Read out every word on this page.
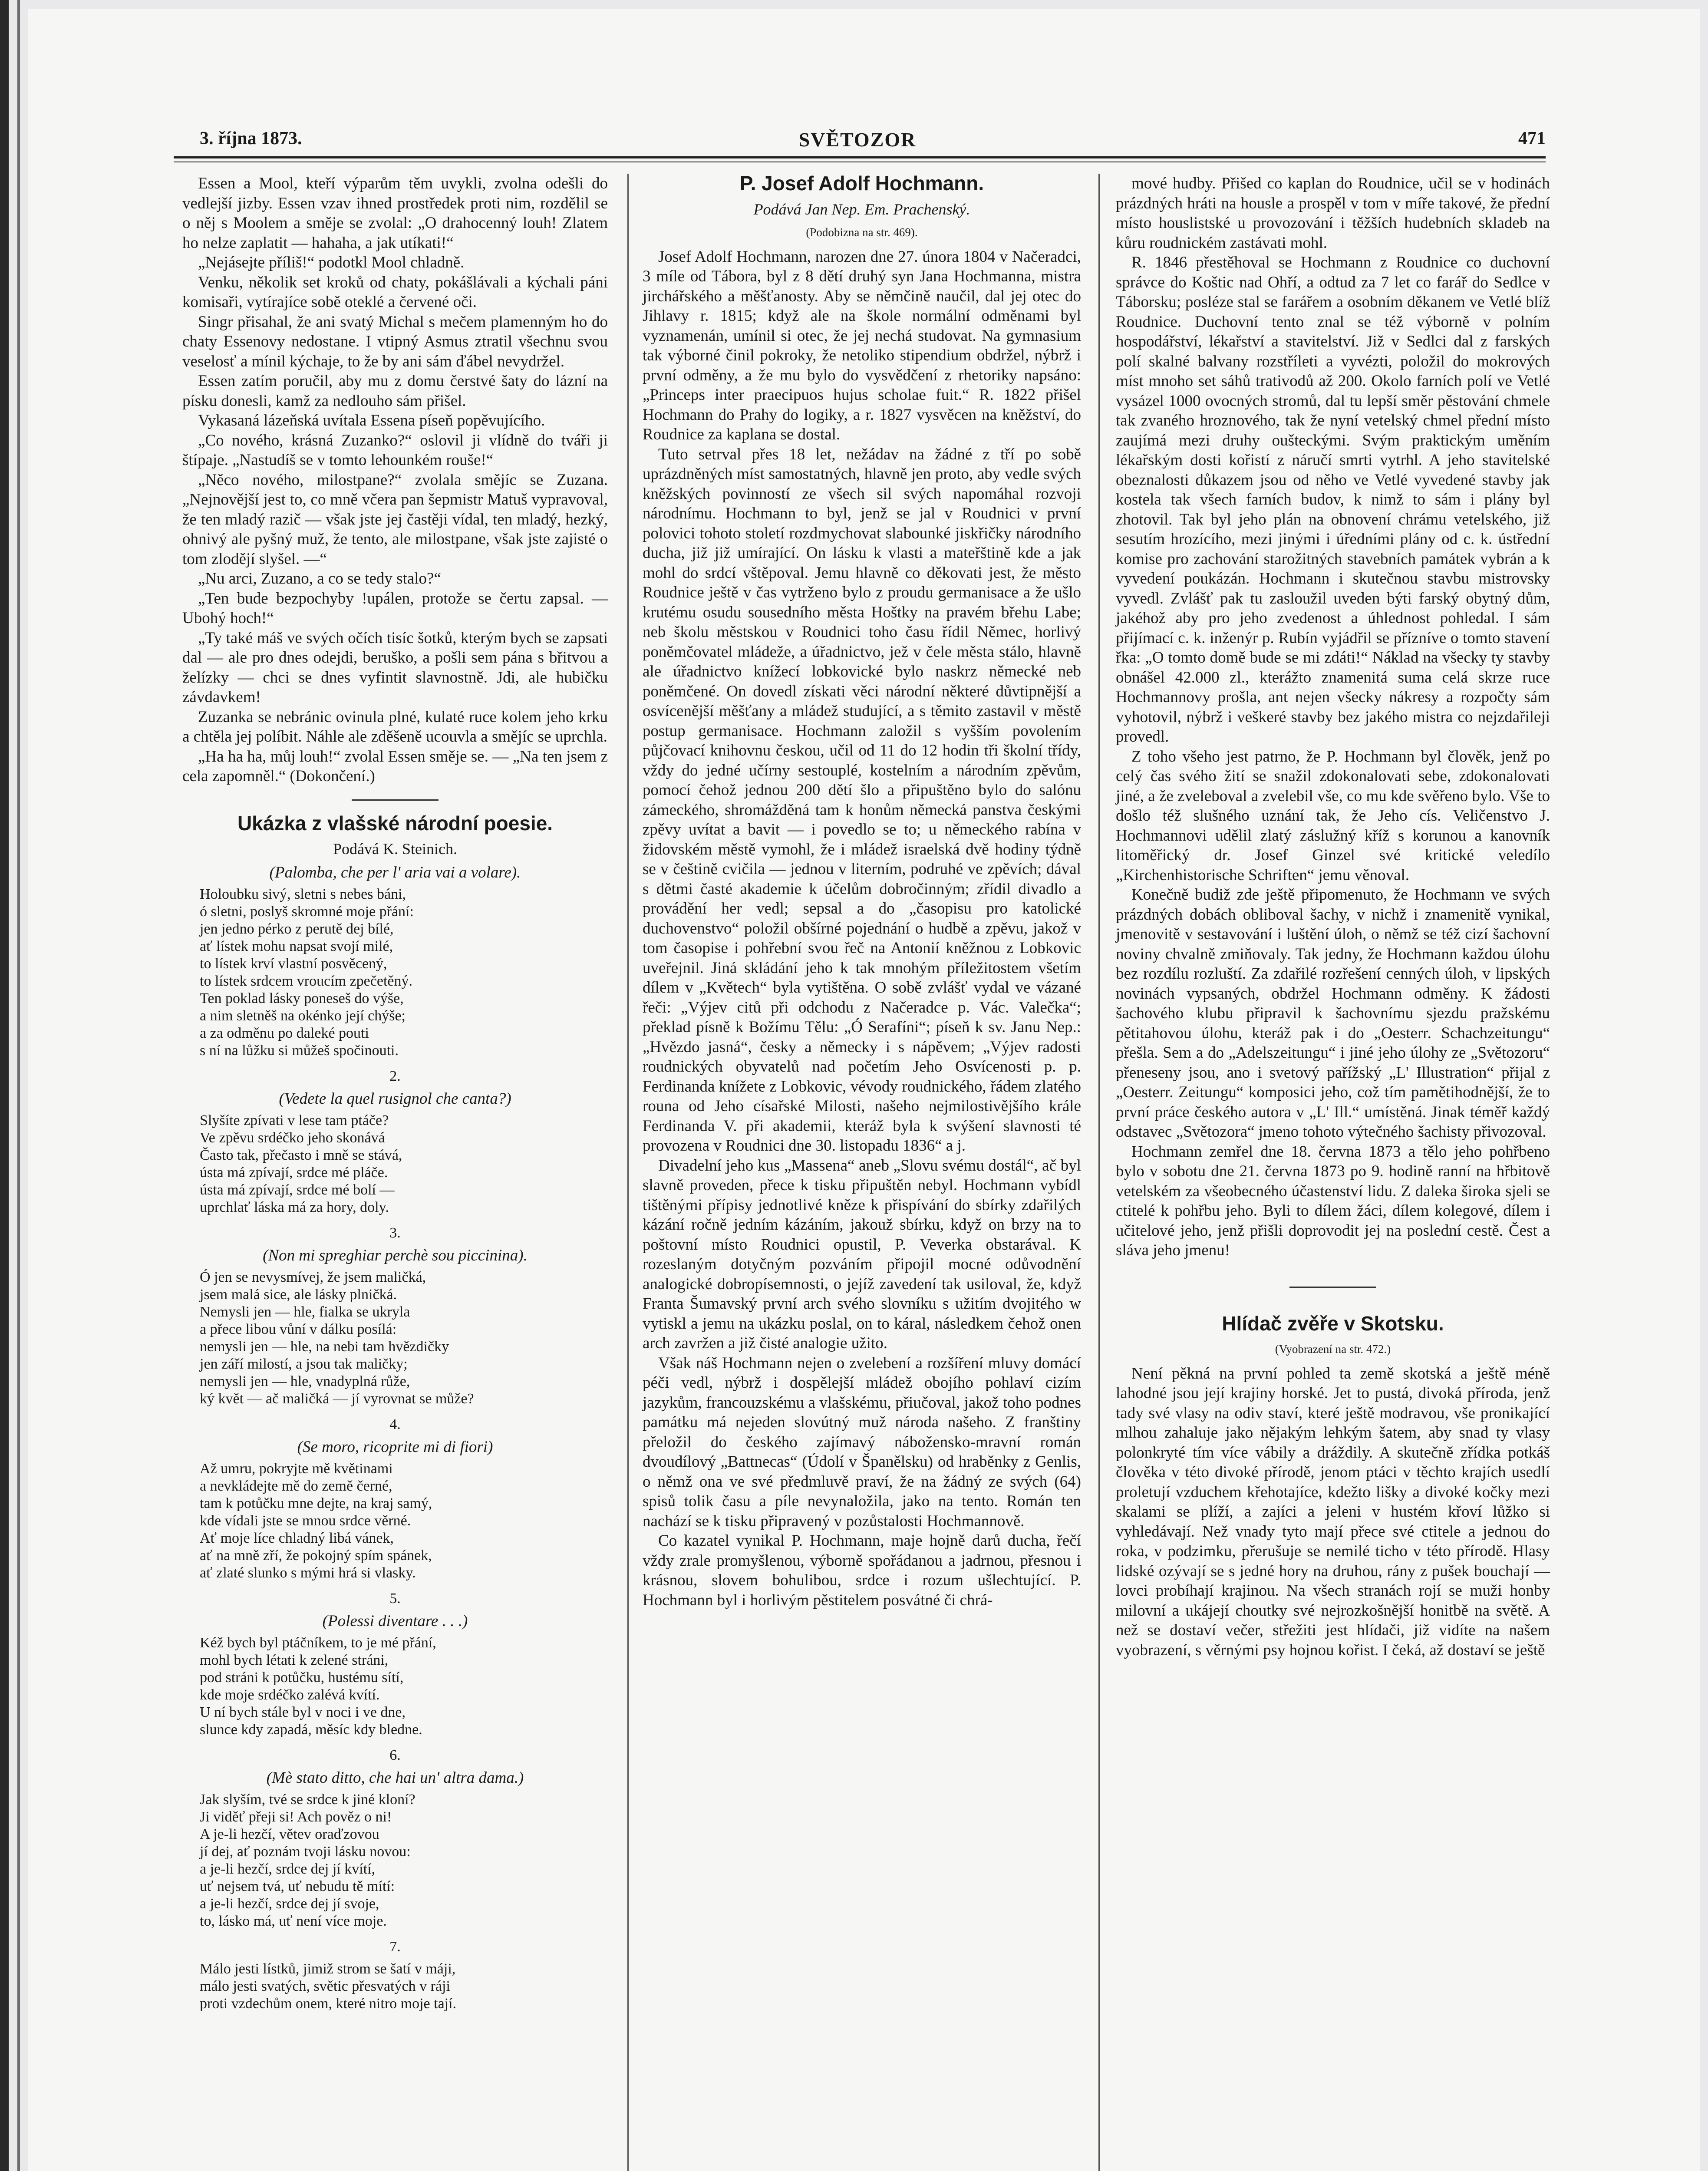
3. října 1873.	SVĚTOZOR	471

Essen a Mool, kteří výparům těm uvykli, zvolna odešli do vedlejší jizby. Essen vzav ihned prostředek proti nim, rozdělil se o něj s Moolem a směje se zvolal: „O drahocenný louh! Zlatem ho nelze zaplatit — hahaha, a jak utíkati!“

„Nejásejte příliš!“ podotkl Mool chladně.

Venku, několik set kroků od chaty, pokášlávali a kýchali páni komisaři, vytírajíce sobě oteklé a červené oči.

Singr přisahal, že ani svatý Michal s mečem plamenným ho do chaty Essenovy nedostane. I vtipný Asmus ztratil všechnu svou veselosť a mínil kýchaje, to že by ani sám ďábel nevydržel.

Essen zatím poručil, aby mu z domu čerstvé šaty do lázní na písku donesli, kamž za nedlouho sám přišel.

Vykasaná lázeňská uvítala Essena píseň popěvujícího.

„Co nového, krásná Zuzanko?“ oslovil ji vlídně do tváři ji štípaje. „Nastudíš se v tomto lehounkém rouše!“

„Něco nového, milostpane?“ zvolala smějíc se Zuzana. „Nejnovější jest to, co mně včera pan šepmistr Matuš vypravoval, že ten mladý razič — však jste jej častěji vídal, ten mladý, hezký, ohnivý ale pyšný muž, že tento, ale milostpane, však jste zajisté o tom zlodějí slyšel. —“

„Nu arci, Zuzano, a co se tedy stalo?“

„Ten bude bezpochyby !upálen, protože se čertu zapsal. — Ubohý hoch!“

„Ty také máš ve svých očích tisíc šotků, kterým bych se zapsati dal — ale pro dnes odejdi, beruško, a pošli sem pána s břitvou a želízky — chci se dnes vyfintit slavnostně. Jdi, ale hubičku závdavkem!

Zuzanka se nebránic ovinula plné, kulaté ruce kolem jeho krku a chtěla jej políbit. Náhle ale zděšeně ucouvla a smějíc se uprchla.

„Ha ha ha, můj louh!“ zvolal Essen směje se. — „Na ten jsem z cela zapomněl.“ (Dokončení.)

Ukázka z vlašské národní poesie.
Podává K. Steinich.
(Palomba, che per l' aria vai a volare).
Holoubku sivý, sletni s nebes báni,
ó sletni, poslyš skromné moje přání:
jen jedno pérko z perutě dej bílé,
ať lístek mohu napsat svojí milé,
to lístek krví vlastní posvěcený,
to lístek srdcem vroucím zpečetěný.
Ten poklad lásky poneseš do výše,
a nim sletněš na okénko její chýše;
a za odměnu po daleké pouti
s ní na lůžku si můžeš spočinouti.
2.
(Vedete la quel rusignol che canta?)
Slyšíte zpívati v lese tam ptáče?
Ve zpěvu srdéčko jeho skonává
Často tak, přečasto i mně se stává,
ústa má zpívají, srdce mé pláče.
ústa má zpívají, srdce mé bolí —
uprchlať láska má za hory, doly.
3.
(Non mi spreghiar perchè sou piccinina).
Ó jen se nevysmívej, že jsem maličká,
jsem malá sice, ale lásky plničká.
Nemysli jen — hle, fialka se ukryla
a přece libou vůní v dálku posílá:
nemysli jen — hle, na nebi tam hvězdičky
jen září milostí, a jsou tak maličky;
nemysli jen — hle, vnadyplná růže,
ký květ — ač maličká — jí vyrovnat se může?
4.
(Se moro, ricoprite mi di fiori)
Až umru, pokryjte mě květinami
a nevkládejte mě do země černé,
tam k potůčku mne dejte, na kraj samý,
kde vídali jste se mnou srdce věrné.
Ať moje líce chladný libá vánek,
ať na mně zří, že pokojný spím spánek,
ať zlaté slunko s mými hrá si vlasky.
5.
(Polessi diventare . . .)
Kéž bych byl ptáčníkem, to je mé přání,
mohl bych létati k zelené stráni,
pod stráni k potůčku, hustému sítí,
kde moje srdéčko zalévá kvítí.
U ní bych stále byl v noci i ve dne,
slunce kdy zapadá, měsíc kdy bledne.
6.
(Mè stato ditto, che hai un' altra dama.)
Jak slyším, tvé se srdce k jiné kloní?
Ji viděť přeji si! Ach pověz o ni!
A je-li hezčí, větev oraďzovou
jí dej, ať poznám tvoji lásku novou:
a je-li hezčí, srdce dej jí kvítí,
uť nejsem tvá, uť nebudu tě mítí:
a je-li hezčí, srdce dej jí svoje,
to, lásko má, uť není více moje.
7.
Málo jesti lístků, jimiž strom se šatí v máji,
málo jesti svatých, světic přesvatých v ráji
proti vzdechům onem, které nitro moje tají.
P. Josef Adolf Hochmann.
Podává Jan Nep. Em. Prachenský.
(Podobizna na str. 469).

Josef Adolf Hochmann, narozen dne 27. února 1804 v Načeradci, 3 míle od Tábora, byl z 8 dětí druhý syn Jana Hochmanna, mistra jirchářského a měšťanosty. Aby se němčině naučil, dal jej otec do Jihlavy r. 1815; když ale na škole normální odměnami byl vyznamenán, umínil si otec, že jej nechá studovat. Na gymnasium tak výborné činil pokroky, že netoliko stipendium obdržel, nýbrž i první odměny, a že mu bylo do vysvědčení z rhetoriky napsáno: „Princeps inter praecipuos hujus scholae fuit.“ R. 1822 přišel Hochmann do Prahy do logiky, a r. 1827 vysvěcen na kněžství, do Roudnice za kaplana se dostal.

Tuto setrval přes 18 let, nežádav na žádné z tří po sobě uprázdněných míst samostatných, hlavně jen proto, aby vedle svých kněžských povinností ze všech sil svých napomáhal rozvoji národnímu. Hochmann to byl, jenž se jal v Roudnici v první polovici tohoto století rozdmychovat slabounké jiskřičky národního ducha, již již umírající. On lásku k vlasti a mateřštině kde a jak mohl do srdcí vštěpoval. Jemu hlavně co děkovati jest, že město Roudnice ještě v čas vytrženo bylo z proudu germanisace a že ušlo krutému osudu sousedního města Hoštky na pravém břehu Labe; neb školu městskou v Roudnici toho času řídil Němec, horlivý poněmčovatel mládeže, a úřadnictvo, jež v čele města stálo, hlavně ale úřadnictvo knížecí lobkovické bylo naskrz německé neb poněmčené. On dovedl získati věci národní některé důvtipnější a osvícenější měšťany a mládež studující, a s těmito zastavil v městě postup germanisace. Hochmann založil s vyšším povolením půjčovací knihovnu českou, učil od 11 do 12 hodin tři školní třídy, vždy do jedné učírny sestouplé, kostelním a národním zpěvům, pomocí čehož jednou 200 dětí šlo a připuštěno bylo do salónu zámeckého, shromážděná tam k honům německá panstva českými zpěvy uvítat a bavit — i povedlo se to; u německého rabína v židovském městě vymohl, že i mládež israelská dvě hodiny týdně se v češtině cvičila — jednou v literním, podruhé ve zpěvích; dával s dětmi časté akademie k účelům dobročinným; zřídil divadlo a provádění her vedl; sepsal a do „časopisu pro katolické duchovenstvo“ položil obšírné pojednání o hudbě a zpěvu, jakož v tom časopise i pohřební svou řeč na Antonií kněžnou z Lobkovic uveřejnil. Jiná skládání jeho k tak mnohým příležitostem všetím dílem v „Květech“ byla vytištěna. O sobě zvlášť vydal ve vázané řeči: „Výjev citů při odchodu z Načeradce p. Vác. Valečka“; překlad písně k Božímu Tělu: „Ó Serafíni“; píseň k sv. Janu Nep.: „Hvězdo jasná“, česky a německy i s nápěvem; „Výjev radosti roudnických obyvatelů nad početím Jeho Osvícenosti p. p. Ferdinanda knížete z Lobkovic, vévody roudnického, řádem zlatého rouna od Jeho císařské Milosti, našeho nejmilostivějšího krále Ferdinanda V. při akademii, kteráž byla k svýšení slavnosti té provozena v Roudnici dne 30. listopadu 1836“ a j.

Divadelní jeho kus „Massena“ aneb „Slovu svému dostál“, ač byl slavně proveden, přece k tisku připuštěn nebyl. Hochmann vybídl tištěnými přípisy jednotlivé kněze k přispívání do sbírky zdařilých kázání ročně jedním kázáním, jakouž sbírku, když on brzy na to poštovní místo Roudnici opustil, P. Veverka obstarával. K rozeslaným dotyčným pozváním připojil mocné odůvodnění analogické dobropísemnosti, o jejíž zavedení tak usiloval, že, když Franta Šumavský první arch svého slovníku s užitím dvojitého w vytiskl a jemu na ukázku poslal, on to káral, následkem čehož onen arch zavržen a již čisté analogie užito.

Však náš Hochmann nejen o zvelebení a rozšíření mluvy domácí péči vedl, nýbrž i dospělejší mládež obojího pohlaví cizím jazykům, francouzskému a vlašskému, přiučoval, jakož toho podnes památku má nejeden slovútný muž národa našeho. Z franštiny přeložil do českého zajímavý nábožensko-mravní román dvoudílový „Battnecas“ (Údolí v Španělsku) od hraběnky z Genlis, o němž ona ve své předmluvě praví, že na žádný ze svých (64) spisů tolik času a píle nevynaložila, jako na tento. Román ten nachází se k tisku připravený v pozůstalosti Hochmannově.

Co kazatel vynikal P. Hochmann, maje hojně darů ducha, řečí vždy zrale promyšlenou, výborně spořádanou a jadrnou, přesnou i krásnou, slovem bohulibou, srdce i rozum ušlechtující. P. Hochmann byl i horlivým pěstitelem posvátné či chrá-

mové hudby. Přišed co kaplan do Roudnice, učil se v hodinách prázdných hráti na housle a prospěl v tom v míře takové, že přední místo houslistské u provozování i těžších hudebních skladeb na kůru roudnickém zastávati mohl.

R. 1846 přestěhoval se Hochmann z Roudnice co duchovní správce do Koštic nad Ohří, a odtud za 7 let co farář do Sedlce v Táborsku; posléze stal se farářem a osobním děkanem ve Vetlé blíž Roudnice. Duchovní tento znal se též výborně v polním hospodářství, lékařství a stavitelství. Již v Sedlci dal z farských polí skalné balvany rozstříleti a vyvézti, položil do mokrových míst mnoho set sáhů trativodů až 200. Okolo farních polí ve Vetlé vysázel 1000 ovocných stromů, dal tu lepší směr pěstování chmele tak zvaného hroznového, tak že nyní vetelský chmel přední místo zaujímá mezi druhy oušteckými. Svým praktickým uměním lékařským dosti kořistí z náručí smrti vytrhl. A jeho stavitelské obeznalosti důkazem jsou od něho ve Vetlé vyvedené stavby jak kostela tak všech farních budov, k nimž to sám i plány byl zhotovil. Tak byl jeho plán na obnovení chrámu vetelského, již sesutím hrozícího, mezi jinými i úředními plány od c. k. ústřední komise pro zachování starožitných stavebních památek vybrán a k vyvedení poukázán. Hochmann i skutečnou stavbu mistrovsky vyvedl. Zvlášť pak tu zasloužil uveden býti farský obytný dům, jakéhož aby pro jeho zvedenost a úhlednost pohledal. I sám přijímací c. k. inženýr p. Rubín vyjádřil se přízníve o tomto stavení řka: „O tomto domě bude se mi zdáti!“ Náklad na všecky ty stavby obnášel 42.000 zl., kterážto znamenitá suma celá skrze ruce Hochmannovy prošla, ant nejen všecky nákresy a rozpočty sám vyhotovil, nýbrž i veškeré stavby bez jakého mistra co nejzdařileji provedl.

Z toho všeho jest patrno, že P. Hochmann byl člověk, jenž po celý čas svého žití se snažil zdokonalovati sebe, zdokonalovati jiné, a že zveleboval a zvelebil vše, co mu kde svěřeno bylo. Vše to došlo též slušného uznání tak, že Jeho cís. Veličenstvo J. Hochmannovi udělil zlatý záslužný kříž s korunou a kanovník litoměřický dr. Josef Ginzel své kritické veledílo „Kirchenhistorische Schriften“ jemu věnoval.

Konečně budiž zde ještě připomenuto, že Hochmann ve svých prázdných dobách obliboval šachy, v nichž i znamenitě vynikal, jmenovitě v sestavování i luštění úloh, o němž se též cizí šachovní noviny chvalně zmiňovaly. Tak jedny, že Hochmann každou úlohu bez rozdílu rozluští. Za zdařilé rozřešení cenných úloh, v lipských novinách vypsaných, obdržel Hochmann odměny. K žádosti šachového klubu připravil k šachovnímu sjezdu pražskému pětitahovou úlohu, kteráž pak i do „Oesterr. Schachzeitungu“ přešla. Sem a do „Adelszeitungu“ i jiné jeho úlohy ze „Světozoru“ přeneseny jsou, ano i svetový pařížský „L' Illustration“ přijal z „Oesterr. Zeitungu“ komposici jeho, což tím pamětihodnější, že to první práce českého autora v „L' Ill.“ umístěná. Jinak téměř každý odstavec „Světozora“ jmeno tohoto výtečného šachisty přivozoval.

Hochmann zemřel dne 18. června 1873 a tělo jeho pohřbeno bylo v sobotu dne 21. června 1873 po 9. hodině ranní na hřbitově vetelském za všeobecného účastenství lidu. Z daleka široka sjeli se ctitelé k pohřbu jeho. Byli to dílem žáci, dílem kolegové, dílem i učitelové jeho, jenž přišli doprovodit jej na poslední cestě. Čest a sláva jeho jmenu!

Hlídač zvěře v Skotsku.
(Vyobrazení na str. 472.)

Není pěkná na první pohled ta země skotská a ještě méně lahodné jsou její krajiny horské. Jet to pustá, divoká příroda, jenž tady své vlasy na odiv staví, které ještě modravou, vše pronikající mlhou zahaluje jako nějakým lehkým šatem, aby snad ty vlasy polonkryté tím více vábily a dráždily. A skutečně zřídka potkáš člověka v této divoké přírodě, jenom ptáci v těchto krajích usedlí proletují vzduchem křehotajíce, kdežto lišky a divoké kočky mezi skalami se plíží, a zajíci a jeleni v hustém křoví lůžko si vyhledávají. Než vnady tyto mají přece své ctitele a jednou do roka, v podzimku, přerušuje se nemilé ticho v této přírodě. Hlasy lidské ozývají se s jedné hory na druhou, rány z pušek bouchají — lovci probíhají krajinou. Na všech stranách rojí se muži honby milovní a ukájejí choutky své nejrozkošnější honitbě na světě. A než se dostaví večer, střežiti jest hlídači, již vidíte na našem vyobrazení, s věrnými psy hojnou kořist. I čeká, až dostaví se ještě
